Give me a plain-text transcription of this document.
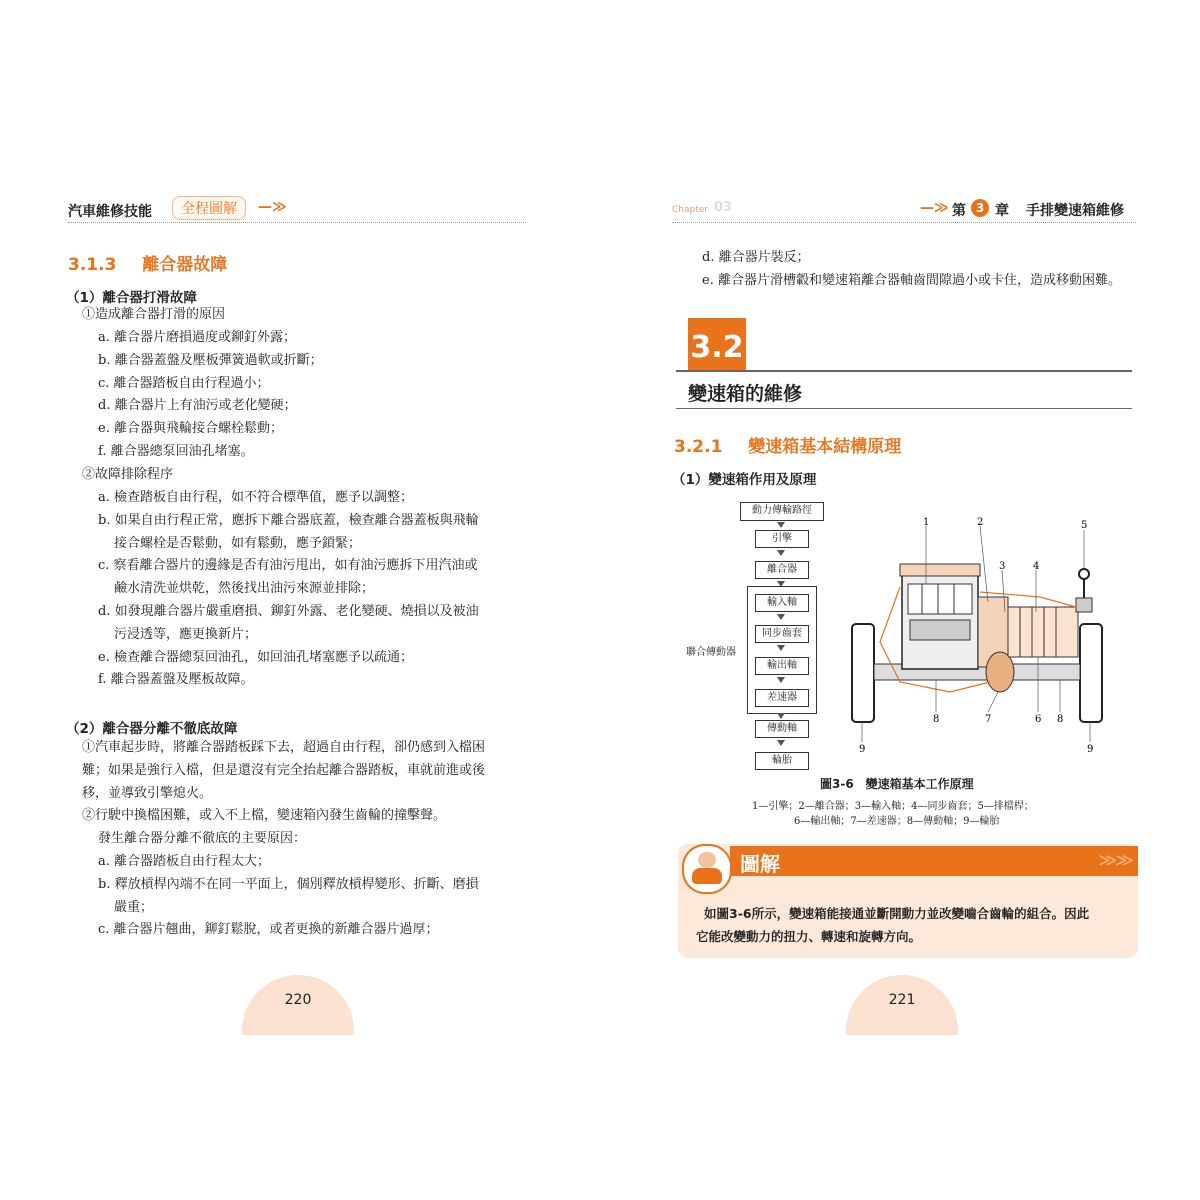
汽車維修技能	全程圖解	—≫
3.1.3 離合器故障
（1）離合器打滑故障
①造成離合器打滑的原因
a. 離合器片磨損過度或鉚釘外露；
b. 離合器蓋盤及壓板彈簧過軟或折斷；
c. 離合器踏板自由行程過小；
d. 離合器片上有油污或老化變硬；
e. 離合器與飛輪接合螺栓鬆動；
f. 離合器總泵回油孔堵塞。
②故障排除程序
a. 檢查踏板自由行程，如不符合標準值，應予以調整；
b. 如果自由行程正常，應拆下離合器底蓋，檢查離合器蓋板與飛輪
接合螺栓是否鬆動，如有鬆動，應予鎖緊；
c. 察看離合器片的邊緣是否有油污甩出，如有油污應拆下用汽油或
鹼水清洗並烘乾，然後找出油污來源並排除；
d. 如發現離合器片嚴重磨損、鉚釘外露、老化變硬、燒損以及被油
污浸透等，應更換新片；
e. 檢查離合器總泵回油孔，如回油孔堵塞應予以疏通；
f. 離合器蓋盤及壓板故障。
（2）離合器分離不徹底故障
①汽車起步時，將離合器踏板踩下去，超過自由行程，卻仍感到入檔困
難；如果是強行入檔，但是還沒有完全抬起離合器踏板，車就前進或後
移，並導致引擎熄火。
②行駛中換檔困難，或入不上檔，變速箱內發生齒輪的撞擊聲。
發生離合器分離不徹底的主要原因：
a. 離合器踏板自由行程太大；
b. 釋放槓桿內端不在同一平面上，個別釋放槓桿變形、折斷、磨損
嚴重；
c. 離合器片翹曲，鉚釘鬆脫，或者更換的新離合器片過厚；
220
Chapter 03	—≫ 第 3 章 手排變速箱維修
d. 離合器片裝反；
e. 離合器片滑槽轂和變速箱離合器軸齒間隙過小或卡住，造成移動困難。
3.2
變速箱的維修
3.2.1 變速箱基本結構原理
（1）變速箱作用及原理
動力傳輸路徑
引擎
離合器
輸入軸
同步齒套
輸出軸
差速器
傳動軸
輪胎
聯合傳動器
1	2
3	4
5
6
7
8	8
9	9
圖3-6　變速箱基本工作原理
1—引擎；2—離合器；3—輸入軸；4—同步齒套；5—排檔桿；
6—輸出軸；7—差速器；8—傳動軸；9—輪胎
圖解	≫≫
如圖3-6所示，變速箱能接通並斷開動力並改變嚙合齒輪的組合。因此
它能改變動力的扭力、轉速和旋轉方向。
221
